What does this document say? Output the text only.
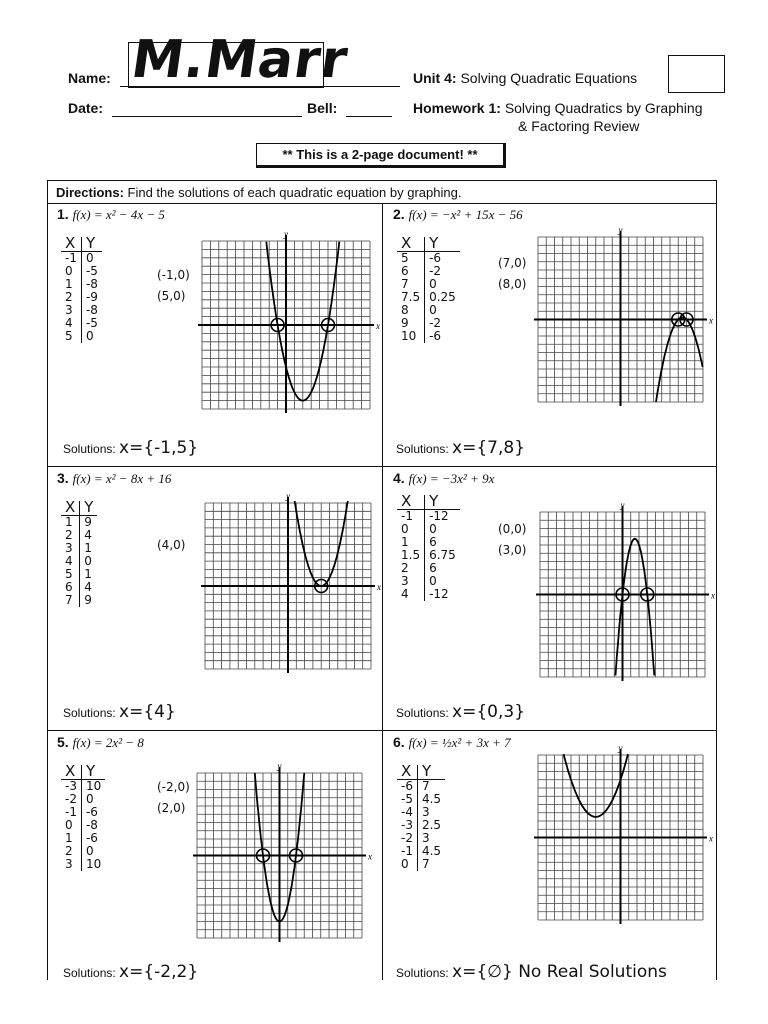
M.Marr
Name:
Date:	Bell:
Unit 4: Solving Quadratic Equations
Homework 1: Solving Quadratics by Graphing
& Factoring Review
** This is a 2-page document! **
Directions: Find the solutions of each quadratic equation by graphing.
1. f(x) = x² − 4x − 5
X	Y
-1	0
0	-5
1	-8
2	-9
3	-8
4	-5
5	0
(-1,0)
(5,0)
x
y
Solutions: x={-1,5}
2. f(x) = −x² + 15x − 56
X	Y
5	-6
6	-2
7	0
7.5	0.25
8	0
9	-2
10	-6
(7,0)
(8,0)
x
y
Solutions: x={7,8}
3. f(x) = x² − 8x + 16
X	Y
1	9
2	4
3	1
4	0
5	1
6	4
7	9
(4,0)
x
y
Solutions: x={4}
4. f(x) = −3x² + 9x
X	Y
-1	-12
0	0
1	6
1.5	6.75
2	6
3	0
4	-12
(0,0)
(3,0)
x
y
Solutions: x={0,3}
5. f(x) = 2x² − 8
X	Y
-3	10
-2	0
-1	-6
0	-8
1	-6
2	0
3	10
(-2,0)
(2,0)
x
y
Solutions: x={-2,2}
6. f(x) = ½x² + 3x + 7
X	Y
-6	7
-5	4.5
-4	3
-3	2.5
-2	3
-1	4.5
0	7
x
y
Solutions: x={∅} No Real Solutions
